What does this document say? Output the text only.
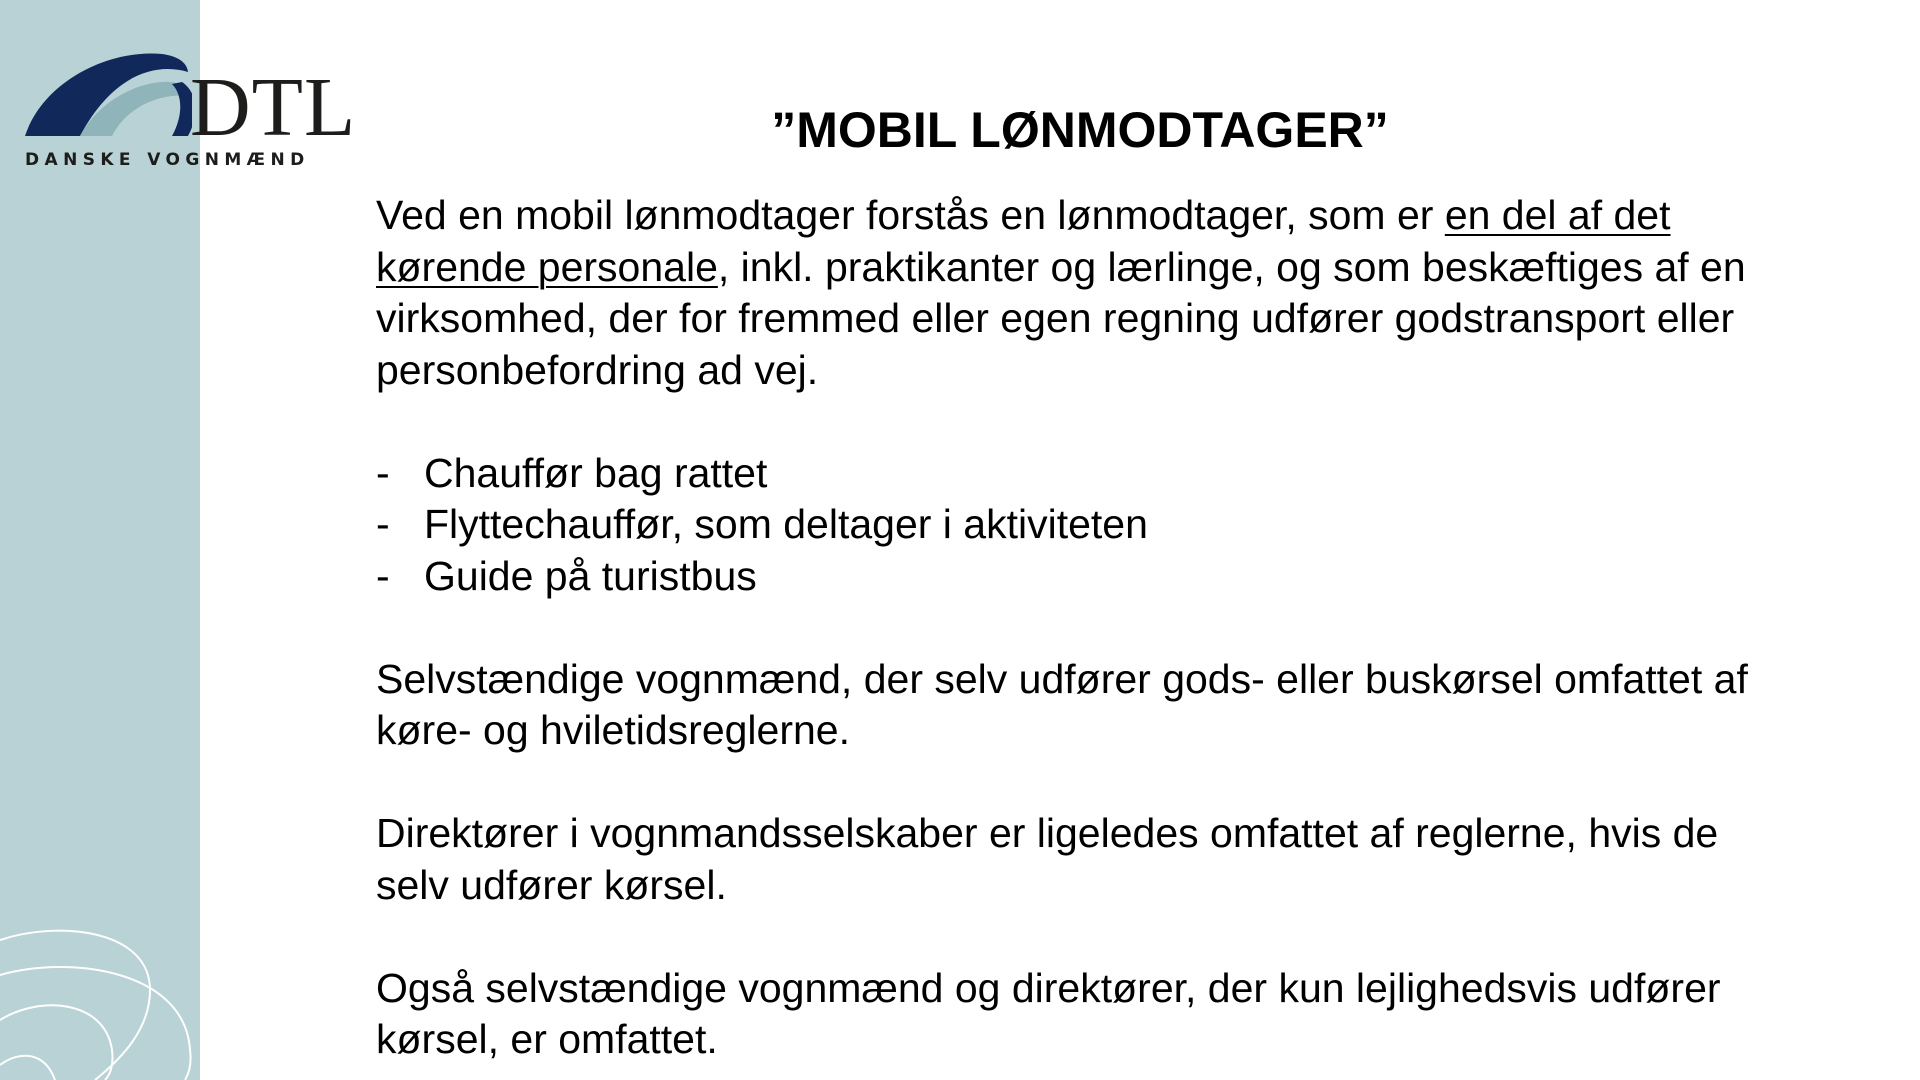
DTL
DANSKE VOGNMÆND
”MOBIL LØNMODTAGER”

Ved en mobil lønmodtager forstås en lønmodtager, som er en del af det kørende personale, inkl. praktikanter og lærlinge, og som beskæftiges af en virksomhed, der for fremmed eller egen regning udfører godstransport eller personbefordring ad vej.

- Chauffør bag rattet
- Flyttechauffør, som deltager i aktiviteten
- Guide på turistbus

Selvstændige vognmænd, der selv udfører gods- eller buskørsel omfattet af køre- og hviletidsreglerne.

Direktører i vognmandsselskaber er ligeledes omfattet af reglerne, hvis de selv udfører kørsel.

Også selvstændige vognmænd og direktører, der kun lejlighedsvis udfører kørsel, er omfattet.
